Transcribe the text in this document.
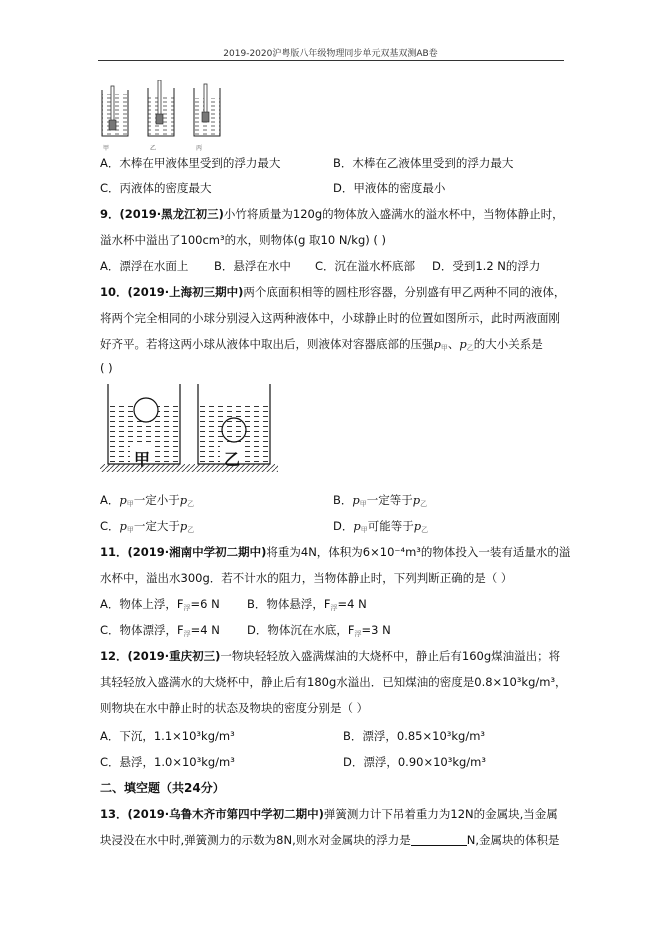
2019-2020沪粤版八年级物理同步单元双基双测AB卷
甲	乙	丙
A．木棒在甲液体里受到的浮力最大	B．木棒在乙液体里受到的浮力最大
C．丙液体的密度最大	D．甲液体的密度最小
9．(2019·黑龙江初三)小竹将质量为120g的物体放入盛满水的溢水杯中，当物体静止时，
溢水杯中溢出了100cm³的水，则物体(g 取10 N/kg) ( )
A．漂浮在水面上 B．悬浮在水中 C．沉在溢水杯底部 D．受到1.2 N的浮力
10．(2019·上海初三期中)两个底面积相等的圆柱形容器，分别盛有甲乙两种不同的液体，
将两个完全相同的小球分别浸入这两种液体中，小球静止时的位置如图所示，此时两液面刚
好齐平。若将这两小球从液体中取出后，则液体对容器底部的压强$p_甲$、$p_乙$的大小关系是
( )
甲	乙
A．$p_甲$一定小于$p_乙$	B．$p_甲$一定等于$p_乙$
C．$p_甲$一定大于$p_乙$	D．$p_甲$可能等于$p_乙$
11．(2019·湘南中学初二期中)将重为4N，体积为6×10⁻⁴m³的物体投入一装有适量水的溢
水杯中，溢出水300g．若不计水的阻力，当物体静止时，下列判断正确的是（ ）
A．物体上浮，$F_浮=6$ N B．物体悬浮，$F_浮=4$ N
C．物体漂浮，$F_浮=4$ N D．物体沉在水底，$F_浮=3$ N
12．(2019·重庆初三)一物块轻轻放入盛满煤油的大烧杯中，静止后有160g煤油溢出；将
其轻轻放入盛满水的大烧杯中，静止后有180g水溢出．已知煤油的密度是0.8×10³kg/m³，
则物块在水中静止时的状态及物块的密度分别是（ ）
A．下沉，1.1×10³kg/m³	B．漂浮，0.85×10³kg/m³
C．悬浮，1.0×10³kg/m³	D．漂浮，0.90×10³kg/m³
二、填空题（共24分）
13．(2019·乌鲁木齐市第四中学初二期中)弹簧测力计下吊着重力为12N的金属块,当金属
块浸没在水中时,弹簧测力的示数为8N,则水对金属块的浮力是	N,金属块的体积是
